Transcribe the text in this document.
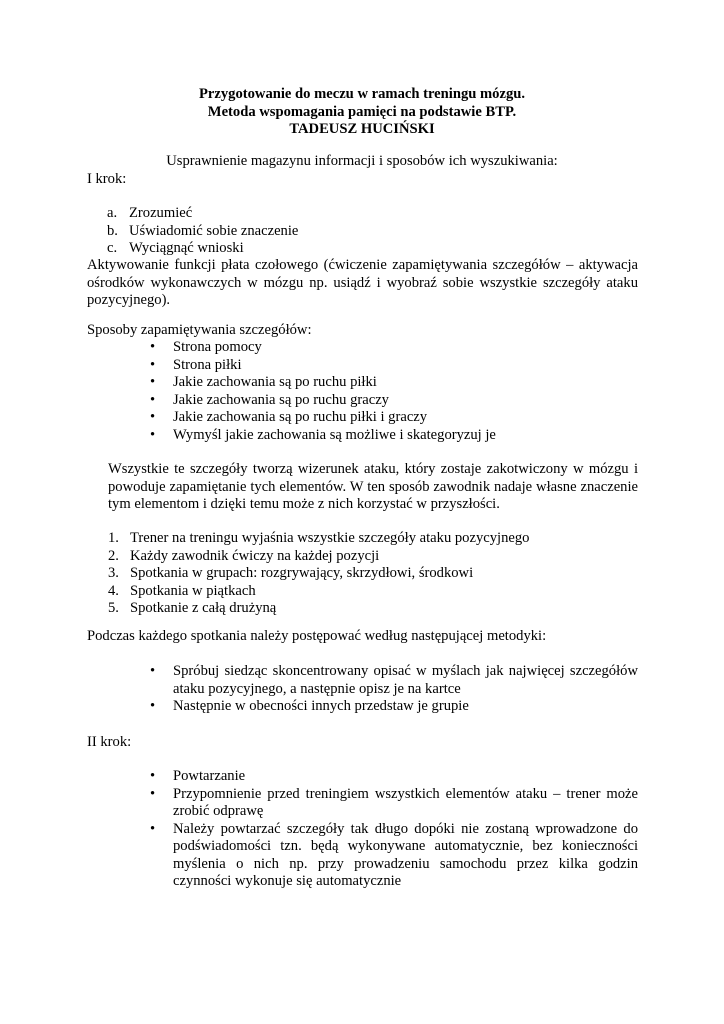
Przygotowanie do meczu w ramach treningu mózgu.
Metoda wspomagania pamięci na podstawie BTP.
TADEUSZ HUCIŃSKI
Usprawnienie magazynu informacji i sposobów ich wyszukiwania:
I krok:
a. Zrozumieć
b. Uświadomić sobie znaczenie
c. Wyciągnąć wnioski
Aktywowanie funkcji płata czołowego (ćwiczenie zapamiętywania szczegółów – aktywacja ośrodków wykonawczych w mózgu np. usiądź i wyobraź sobie wszystkie szczegóły ataku pozycyjnego).
Sposoby zapamiętywania szczegółów:
• Strona pomocy
• Strona piłki
• Jakie zachowania są po ruchu piłki
• Jakie zachowania są po ruchu graczy
• Jakie zachowania są po ruchu piłki i graczy
• Wymyśl jakie zachowania są możliwe i skategoryzuj je
Wszystkie te szczegóły tworzą wizerunek ataku, który zostaje zakotwiczony w mózgu i powoduje zapamiętanie tych elementów. W ten sposób zawodnik nadaje własne znaczenie tym elementom i dzięki temu może z nich korzystać w przyszłości.
1. Trener na treningu wyjaśnia wszystkie szczegóły ataku pozycyjnego
2. Każdy zawodnik ćwiczy na każdej pozycji
3. Spotkania w grupach: rozgrywający, skrzydłowi, środkowi
4. Spotkania w piątkach
5. Spotkanie z całą drużyną
Podczas każdego spotkania należy postępować według następującej metodyki:
• Spróbuj siedząc skoncentrowany opisać w myślach jak najwięcej szczegółów ataku pozycyjnego, a następnie opisz je na kartce
• Następnie w obecności innych przedstaw je grupie
II krok:
• Powtarzanie
• Przypomnienie przed treningiem wszystkich elementów ataku – trener może zrobić odprawę
• Należy powtarzać szczegóły tak długo dopóki nie zostaną wprowadzone do podświadomości tzn. będą wykonywane automatycznie, bez konieczności myślenia o nich np. przy prowadzeniu samochodu przez kilka godzin czynności wykonuje się automatycznie
